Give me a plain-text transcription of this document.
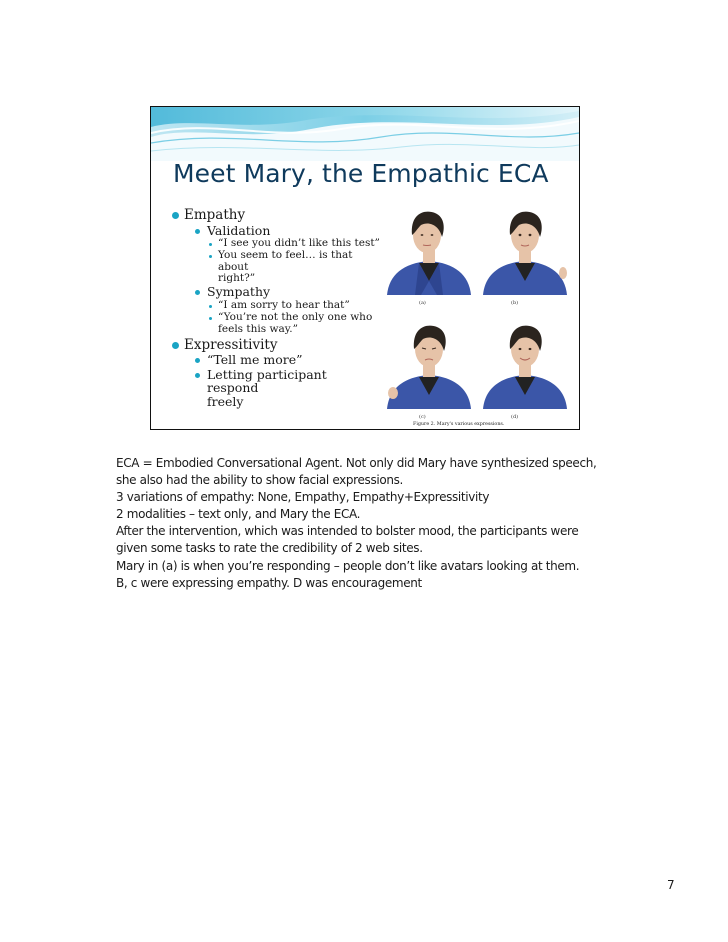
Meet Mary, the Empathic ECA
Empathy
Validation
“I see you didn’t like this test”
You seem to feel… is that about
right?”
Sympathy
“I am sorry to hear that”
“You’re not the only one who
feels this way.”
Expressitivity
“Tell me more”
Letting participant respond
freely
(a)	(b)
(c)	(d)
Figure 2. Mary's various expressions.
ECA = Embodied Conversational Agent. Not only did Mary have synthesized speech,
she also had the ability to show facial expressions.
3 variations of empathy: None, Empathy, Empathy+Expressitivity
2 modalities – text only, and Mary the ECA.
After the intervention, which was intended to bolster mood, the participants were
given some tasks to rate the credibility of 2 web sites.
Mary in (a) is when you’re responding – people don’t like avatars looking at them.
B, c were expressing empathy. D was encouragement
7
